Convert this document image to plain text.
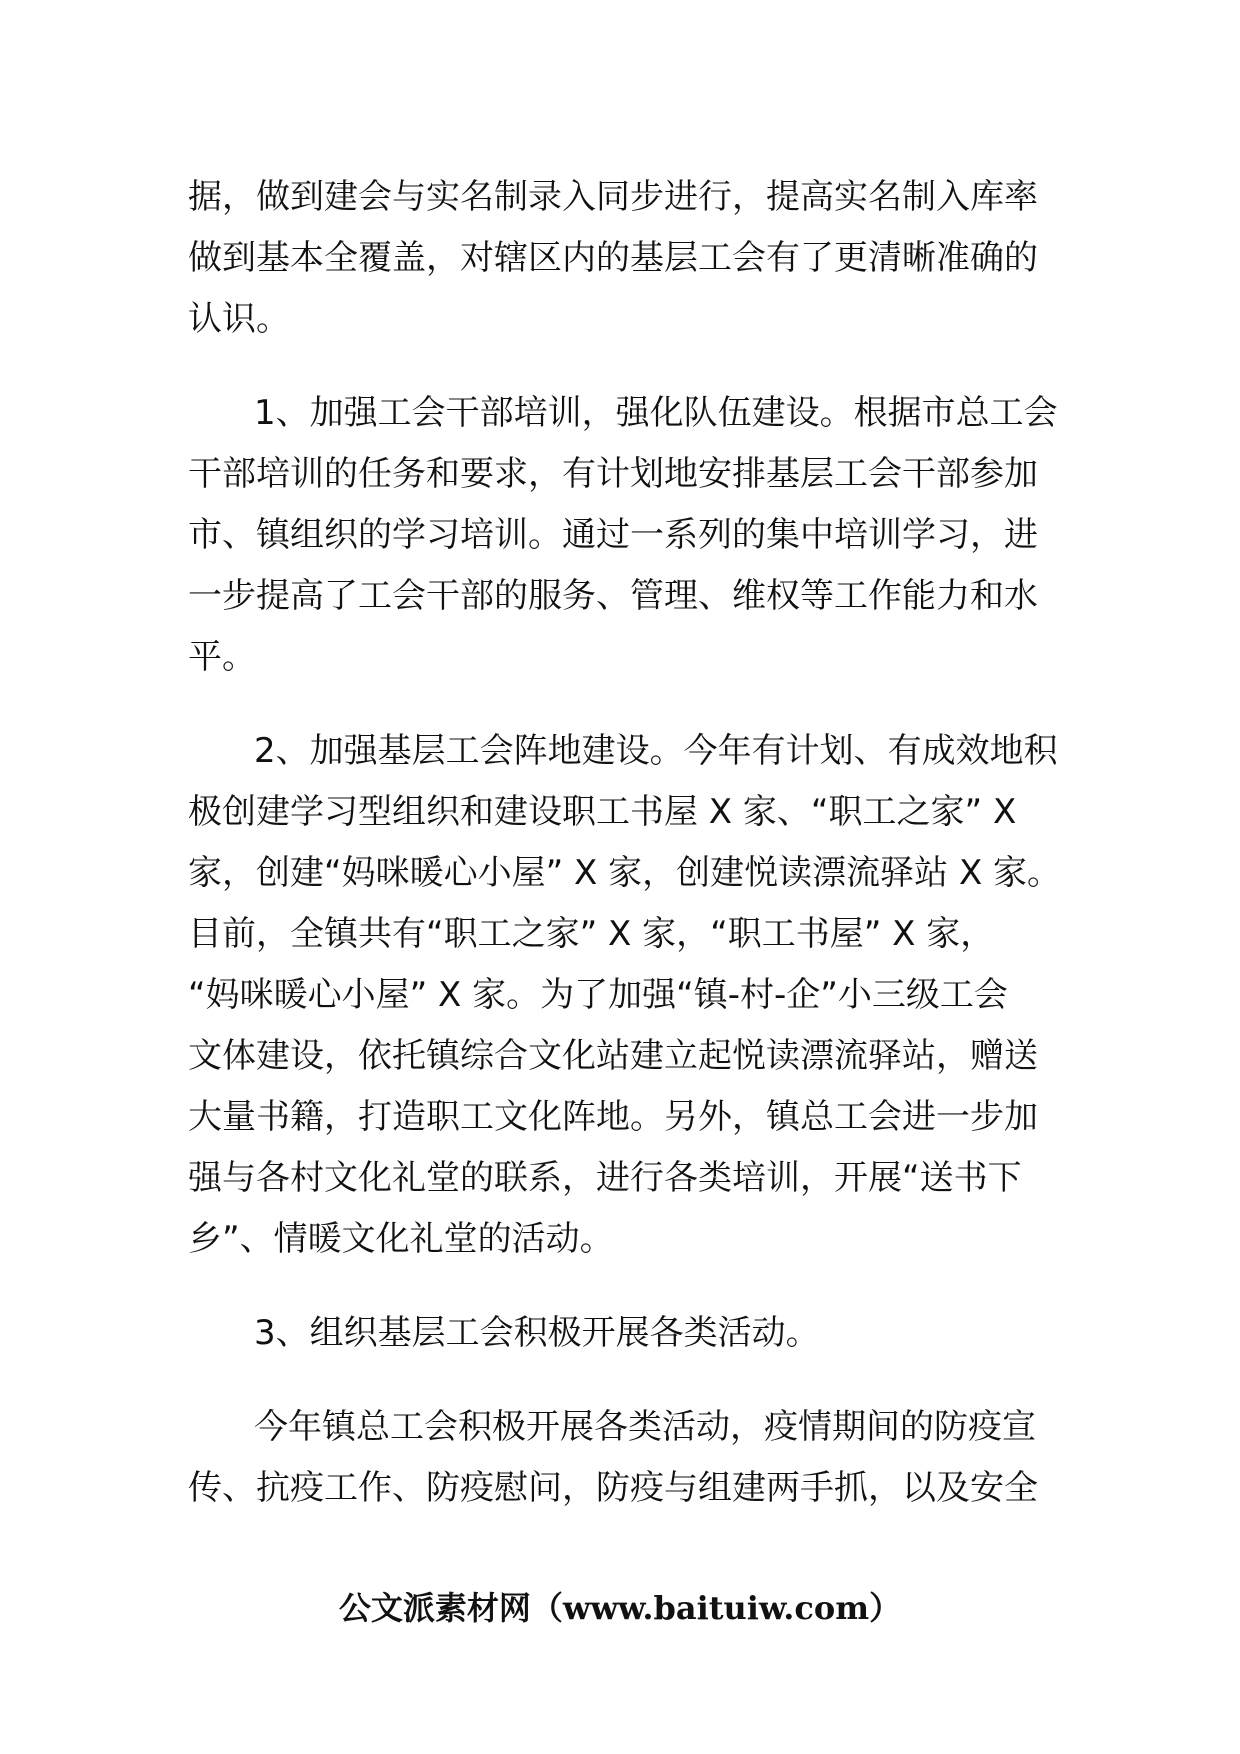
据，做到建会与实名制录入同步进行，提高实名制入库率
做到基本全覆盖，对辖区内的基层工会有了更清晰准确的
认识。
1、加强工会干部培训，强化队伍建设。根据市总工会
干部培训的任务和要求，有计划地安排基层工会干部参加
市、镇组织的学习培训。通过一系列的集中培训学习，进
一步提高了工会干部的服务、管理、维权等工作能力和水
平。
2、加强基层工会阵地建设。今年有计划、有成效地积
极创建学习型组织和建设职工书屋 X 家、“职工之家” X
家，创建“妈咪暖心小屋” X 家，创建悦读漂流驿站 X 家。
目前，全镇共有“职工之家” X 家，“职工书屋” X 家，
“妈咪暖心小屋” X 家。为了加强“镇-村-企”小三级工会
文体建设，依托镇综合文化站建立起悦读漂流驿站，赠送
大量书籍，打造职工文化阵地。另外，镇总工会进一步加
强与各村文化礼堂的联系，进行各类培训，开展“送书下
乡”、情暖文化礼堂的活动。
3、组织基层工会积极开展各类活动。
今年镇总工会积极开展各类活动，疫情期间的防疫宣
传、抗疫工作、防疫慰问，防疫与组建两手抓，以及安全
公文派素材网（www.baituiw.com）
